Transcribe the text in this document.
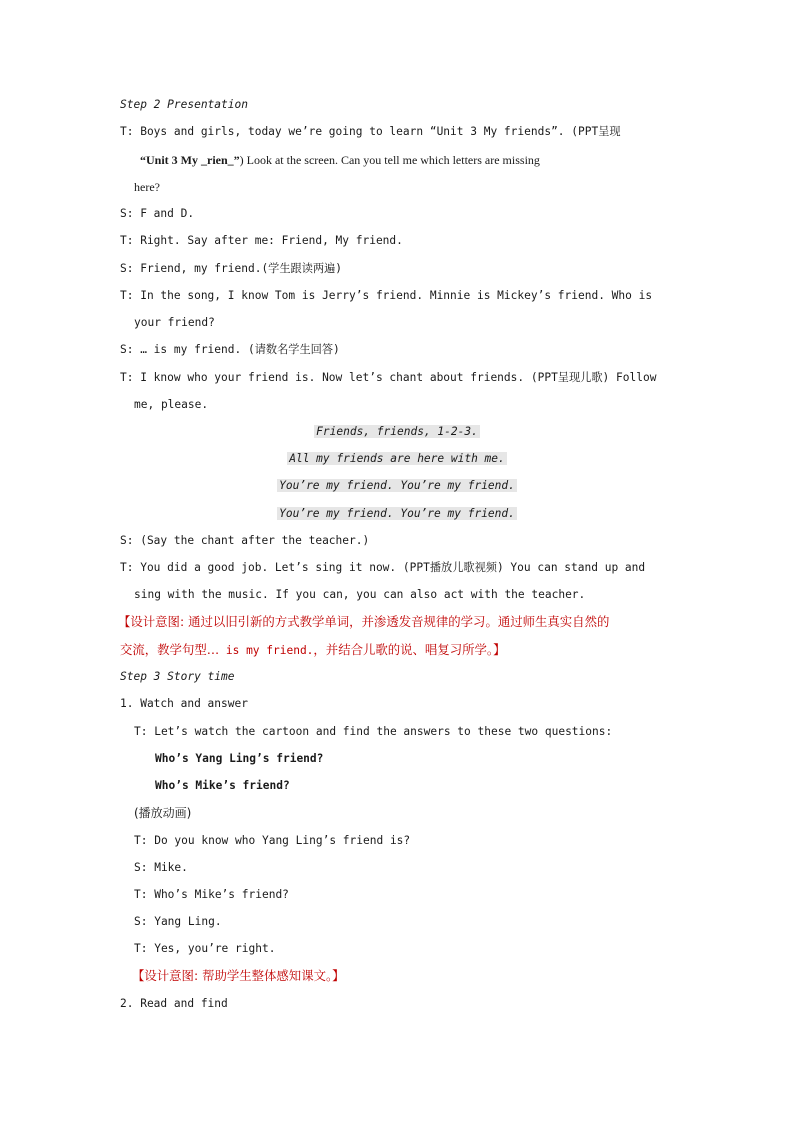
Step 2 Presentation
T: Boys and girls, today we’re going to learn “Unit 3 My friends”. (PPT呈现
“Unit 3 My _rien_”) Look at the screen. Can you tell me which letters are missing
here?
S: F and D.
T: Right. Say after me: Friend, My friend.
S: Friend, my friend.(学生跟读两遍)
T: In the song, I know Tom is Jerry’s friend. Minnie is Mickey’s friend. Who is
your friend?
S: … is my friend. (请数名学生回答)
T: I know who your friend is. Now let’s chant about friends. (PPT呈现儿歌) Follow
me, please.
Friends, friends, 1-2-3.
All my friends are here with me.
You’re my friend. You’re my friend.
You’re my friend. You’re my friend.
S: (Say the chant after the teacher.)
T: You did a good job. Let’s sing it now. (PPT播放儿歌视频) You can stand up and
sing with the music. If you can, you can also act with the teacher.
【设计意图: 通过以旧引新的方式教学单词，并渗透发音规律的学习。通过师生真实自然的
交流，教学句型… is my friend.，并结合儿歌的说、唱复习所学。】
Step 3 Story time
1. Watch and answer
T: Let’s watch the cartoon and find the answers to these two questions:
Who’s Yang Ling’s friend?
Who’s Mike’s friend?
(播放动画)
T: Do you know who Yang Ling’s friend is?
S: Mike.
T: Who’s Mike’s friend?
S: Yang Ling.
T: Yes, you’re right.
【设计意图: 帮助学生整体感知课文。】
2. Read and find
